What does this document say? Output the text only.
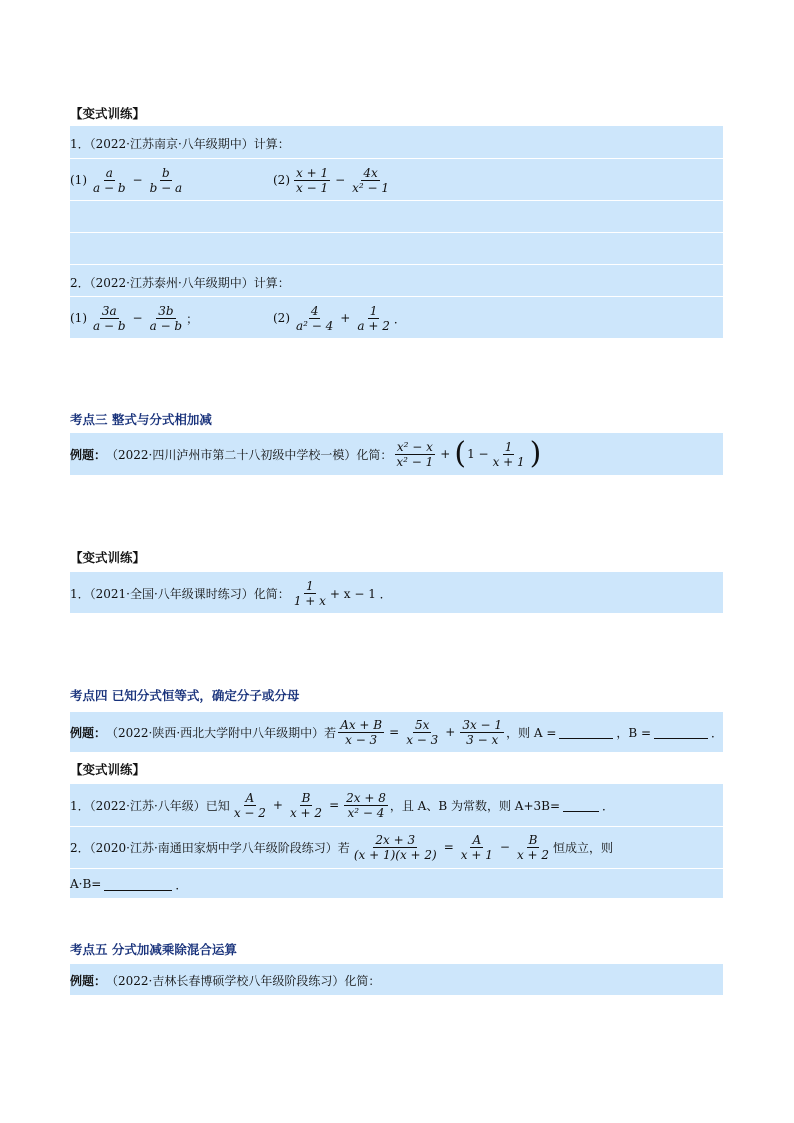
【变式训练】
1．（2022·江苏南京·八年级期中）计算：
$(1) \frac{a}{a - b} - \frac{b}{b - a}$	$(2) \frac{x + 1}{x - 1} - \frac{4x}{\text{x² − 1}}$
2．（2022·江苏泰州·八年级期中）计算：
$(1) \frac{3a}{a - b} - \frac{3b}{a - b}$ ；	$(2) \frac{4}{\text{a² − 4}} + \frac{1}{a + 2}$ ．
考点三 整式与分式相加减
例题： （2022·四川泸州市第二十八初级中学校一模）化简： $\frac{\text{x² − x}}{\text{x² − 1}}$ + ( $1 - \frac{1}{x + 1}$ )
【变式训练】
1．（2021·全国·八年级课时练习）化简： $\frac{1}{1 + x} + x - 1$ ．
考点四 已知分式恒等式，确定分子或分母
例题： （2022·陕西·西北大学附中八年级期中）若 $\frac{Ax + B}{x - 3} = \frac{5x}{x - 3} + \frac{3x - 1}{3 - x}$ ，则 A =	，B =	．
【变式训练】
1．（2022·江苏·八年级）已知 $\frac{A}{x - 2} + \frac{B}{x + 2} = \frac{2x + 8}{\text{x² − 4}}$ ，且 A、B 为常数，则 A+3B=	．
2．（2020·江苏·南通田家炳中学八年级阶段练习）若 $\frac{2x + 3}{(x + 1)(x + 2)} = \frac{A}{x + 1} - \frac{B}{x + 2}$ 恒成立，则
A·B=	．
考点五 分式加减乘除混合运算
例题： （2022·吉林长春博硕学校八年级阶段练习）化简：
